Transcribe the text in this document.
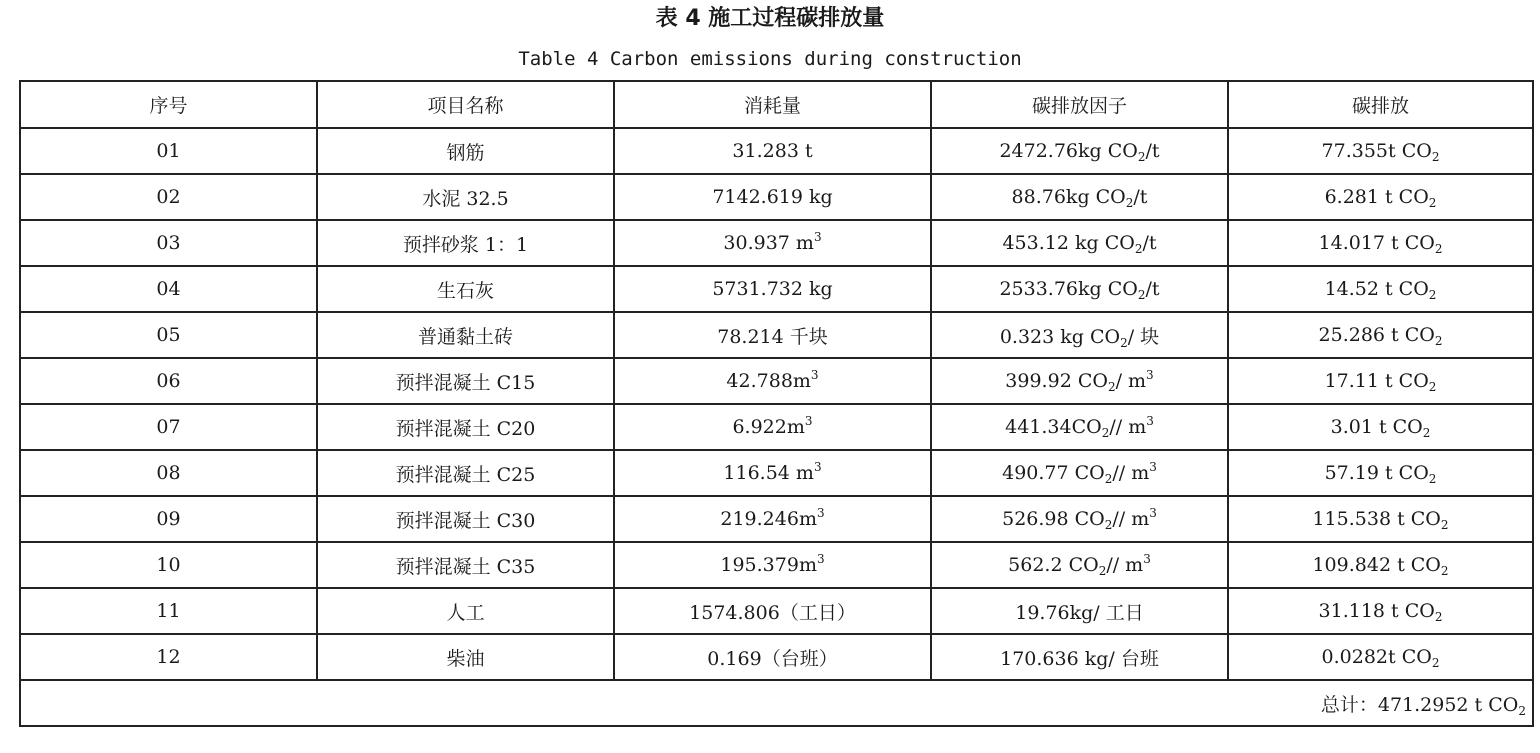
表 4 施工过程碳排放量
Table 4 Carbon emissions during construction
序号	项目名称	消耗量	碳排放因子	碳排放
01	钢筋	31.283 t	2472.76kg $CO_2/t$	77.355t $CO_2$
02	水泥 32.5	7142.619 kg	88.76kg $CO_2/t$	6.281 t $CO_2$
03	预拌砂浆 1：1	30.937 $m^3$	453.12 kg $CO_2/t$	14.017 t $CO_2$
04	生石灰	5731.732 kg	2533.76kg $CO_2/t$	14.52 t $CO_2$
05	普通黏土砖	78.214 千块	0.323 kg $CO_2/$ 块	25.286 t $CO_2$
06	预拌混凝土 C15	$42.788m^3$	399.92 $CO_2/$ $m^3$	17.11 t $CO_2$
07	预拌混凝土 C20	$6.922m^3$	$441.34CO_2//$ $m^3$	3.01 t $CO_2$
08	预拌混凝土 C25	116.54 $m^3$	490.77 $CO_2//$ $m^3$	57.19 t $CO_2$
09	预拌混凝土 C30	$219.246m^3$	526.98 $CO_2//$ $m^3$	115.538 t $CO_2$
10	预拌混凝土 C35	$195.379m^3$	562.2 $CO_2//$ $m^3$	109.842 t $CO_2$
11	人工	1574.806（工日）	19.76kg/ 工日	31.118 t $CO_2$
12	柴油	0.169（台班）	170.636 kg/ 台班	0.0282t $CO_2$
总计：471.2952 t $CO_2$
